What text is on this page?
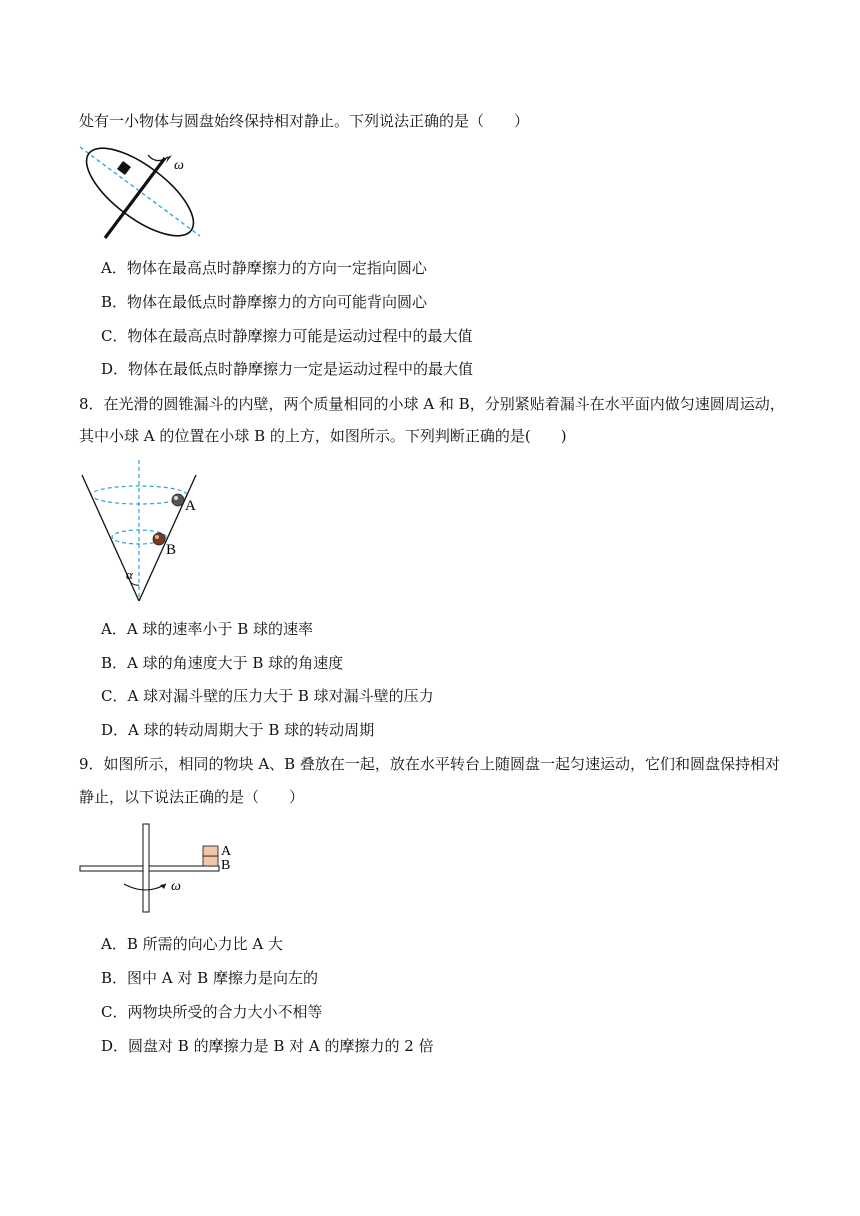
处有一小物体与圆盘始终保持相对静止。下列说法正确的是（　　）
ω
A．物体在最高点时静摩擦力的方向一定指向圆心
B．物体在最低点时静摩擦力的方向可能背向圆心
C．物体在最高点时静摩擦力可能是运动过程中的最大值
D．物体在最低点时静摩擦力一定是运动过程中的最大值
8．在光滑的圆锥漏斗的内壁，两个质量相同的小球 A 和 B，分别紧贴着漏斗在水平面内做匀速圆周运动，
其中小球 A 的位置在小球 B 的上方，如图所示。下列判断正确的是(　　)
α
A
B
A．A 球的速率小于 B 球的速率
B．A 球的角速度大于 B 球的角速度
C．A 球对漏斗壁的压力大于 B 球对漏斗壁的压力
D．A 球的转动周期大于 B 球的转动周期
9．如图所示，相同的物块 A、B 叠放在一起，放在水平转台上随圆盘一起匀速运动，它们和圆盘保持相对
静止，以下说法正确的是（　　）
A
B
ω
A．B 所需的向心力比 A 大
B．图中 A 对 B 摩擦力是向左的
C．两物块所受的合力大小不相等
D．圆盘对 B 的摩擦力是 B 对 A 的摩擦力的 2 倍
